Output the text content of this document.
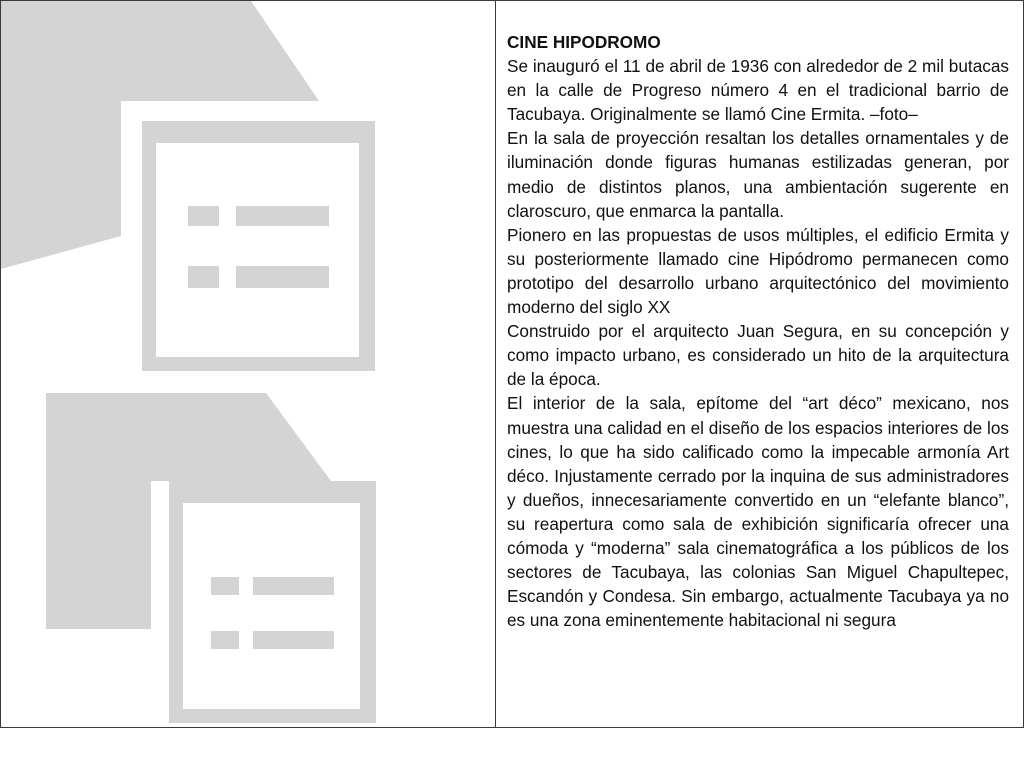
CINE HIPODROMO

Se inauguró el 11 de abril de 1936 con alrededor de 2 mil butacas en la calle de Progreso número 4 en el tradicional barrio de Tacubaya. Originalmente se llamó Cine Ermita. –foto–

En la sala de proyección resaltan los detalles ornamentales y de iluminación donde figuras humanas estilizadas generan, por medio de distintos planos, una ambientación sugerente en claroscuro, que enmarca la pantalla.

Pionero en las propuestas de usos múltiples, el edificio Ermita y su posteriormente llamado cine Hipódromo permanecen como prototipo del desarrollo urbano arquitectónico del movimiento moderno del siglo XX

Construido por el arquitecto Juan Segura, en su concepción y como impacto urbano, es considerado un hito de la arquitectura de la época.

El interior de la sala, epítome del “art déco” mexicano, nos muestra una calidad en el diseño de los espacios interiores de los cines, lo que ha sido calificado como la impecable armonía Art déco. Injustamente cerrado por la inquina de sus administradores y dueños, innecesariamente convertido en un “elefante blanco”, su reapertura como sala de exhibición significaría ofrecer una cómoda y “moderna” sala cinematográfica a los públicos de los sectores de Tacubaya, las colonias San Miguel Chapultepec, Escandón y Condesa. Sin embargo, actualmente Tacubaya ya no es una zona eminentemente habitacional ni segura
